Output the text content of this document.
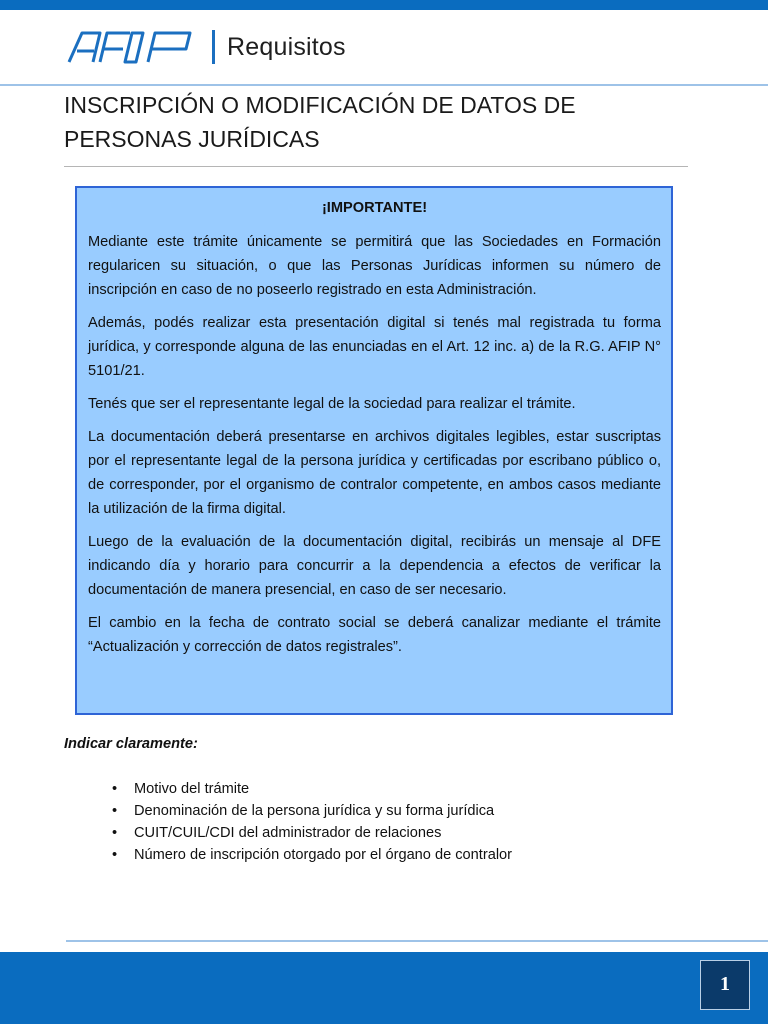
Requisitos
INSCRIPCIÓN O MODIFICACIÓN DE DATOS DE PERSONAS JURÍDICAS

¡IMPORTANTE!

Mediante este trámite únicamente se permitirá que las Sociedades en Formación regularicen su situación, o que las Personas Jurídicas informen su número de inscripción en caso de no poseerlo registrado en esta Administración.

Además, podés realizar esta presentación digital si tenés mal registrada tu forma jurídica, y corresponde alguna de las enunciadas en el Art. 12 inc. a) de la R.G. AFIP N° 5101/21.

Tenés que ser el representante legal de la sociedad para realizar el trámite.

La documentación deberá presentarse en archivos digitales legibles, estar suscriptas por el representante legal de la persona jurídica y certificadas por escribano público o, de corresponder, por el organismo de contralor competente, en ambos casos mediante la utilización de la firma digital.

Luego de la evaluación de la documentación digital, recibirás un mensaje al DFE indicando día y horario para concurrir a la dependencia a efectos de verificar la documentación de manera presencial, en caso de ser necesario.

El cambio en la fecha de contrato social se deberá canalizar mediante el trámite “Actualización y corrección de datos registrales”.

Indicar claramente:
• Motivo del trámite
• Denominación de la persona jurídica y su forma jurídica
• CUIT/CUIL/CDI del administrador de relaciones
• Número de inscripción otorgado por el órgano de contralor
1
